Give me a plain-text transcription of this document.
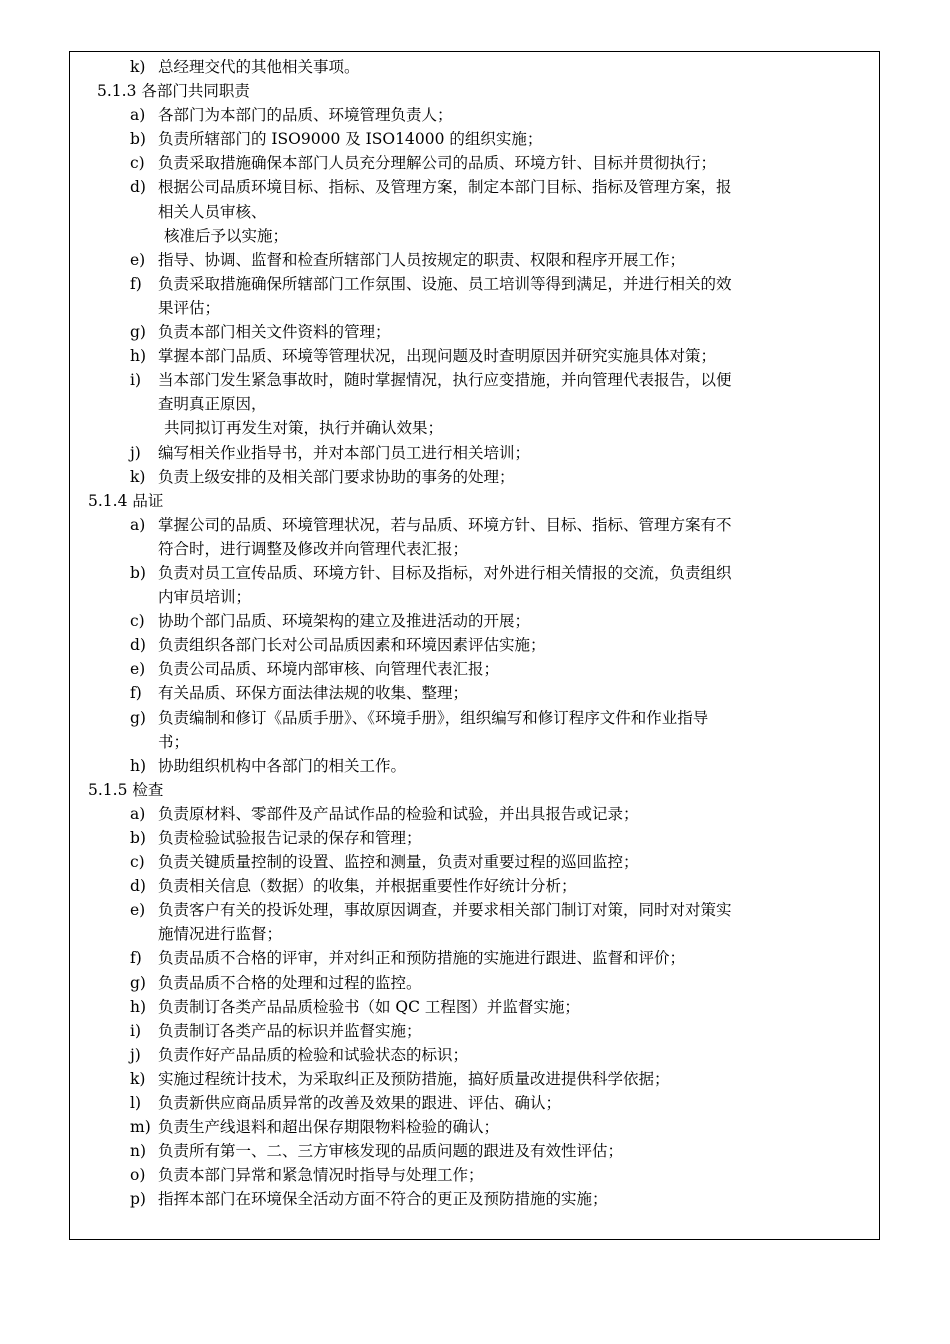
k) 总经理交代的其他相关事项。
5.1.3 各部门共同职责
a) 各部门为本部门的品质、环境管理负责人；
b) 负责所辖部门的 ISO9000 及 ISO14000 的组织实施；
c) 负责采取措施确保本部门人员充分理解公司的品质、环境方针、目标并贯彻执行；
d) 根据公司品质环境目标、指标、及管理方案，制定本部门目标、指标及管理方案，报
相关人员审核、
核准后予以实施；
e) 指导、协调、监督和检查所辖部门人员按规定的职责、权限和程序开展工作；
f) 负责采取措施确保所辖部门工作氛围、设施、员工培训等得到满足，并进行相关的效
果评估；
g) 负责本部门相关文件资料的管理；
h) 掌握本部门品质、环境等管理状况，出现问题及时查明原因并研究实施具体对策；
i) 当本部门发生紧急事故时，随时掌握情况，执行应变措施，并向管理代表报告，以便
查明真正原因，
共同拟订再发生对策，执行并确认效果；
j) 编写相关作业指导书，并对本部门员工进行相关培训；
k) 负责上级安排的及相关部门要求协助的事务的处理；
5.1.4 品证
a) 掌握公司的品质、环境管理状况，若与品质、环境方针、目标、指标、管理方案有不
符合时，进行调整及修改并向管理代表汇报；
b) 负责对员工宣传品质、环境方针、目标及指标，对外进行相关情报的交流，负责组织
内审员培训；
c) 协助个部门品质、环境架构的建立及推进活动的开展；
d) 负责组织各部门长对公司品质因素和环境因素评估实施；
e) 负责公司品质、环境内部审核、向管理代表汇报；
f) 有关品质、环保方面法律法规的收集、整理；
g) 负责编制和修订《品质手册》、《环境手册》，组织编写和修订程序文件和作业指导
书；
h) 协助组织机构中各部门的相关工作。
5.1.5 检查
a) 负责原材料、零部件及产品试作品的检验和试验，并出具报告或记录；
b) 负责检验试验报告记录的保存和管理；
c) 负责关键质量控制的设置、监控和测量，负责对重要过程的巡回监控；
d) 负责相关信息（数据）的收集，并根据重要性作好统计分析；
e) 负责客户有关的投诉处理，事故原因调查，并要求相关部门制订对策，同时对对策实
施情况进行监督；
f) 负责品质不合格的评审，并对纠正和预防措施的实施进行跟进、监督和评价；
g) 负责品质不合格的处理和过程的监控。
h) 负责制订各类产品品质检验书（如 QC 工程图）并监督实施；
i) 负责制订各类产品的标识并监督实施；
j) 负责作好产品品质的检验和试验状态的标识；
k) 实施过程统计技术，为采取纠正及预防措施，搞好质量改进提供科学依据；
l) 负责新供应商品质异常的改善及效果的跟进、评估、确认；
m) 负责生产线退料和超出保存期限物料检验的确认；
n) 负责所有第一、二、三方审核发现的品质问题的跟进及有效性评估；
o) 负责本部门异常和紧急情况时指导与处理工作；
p) 指挥本部门在环境保全活动方面不符合的更正及预防措施的实施；
